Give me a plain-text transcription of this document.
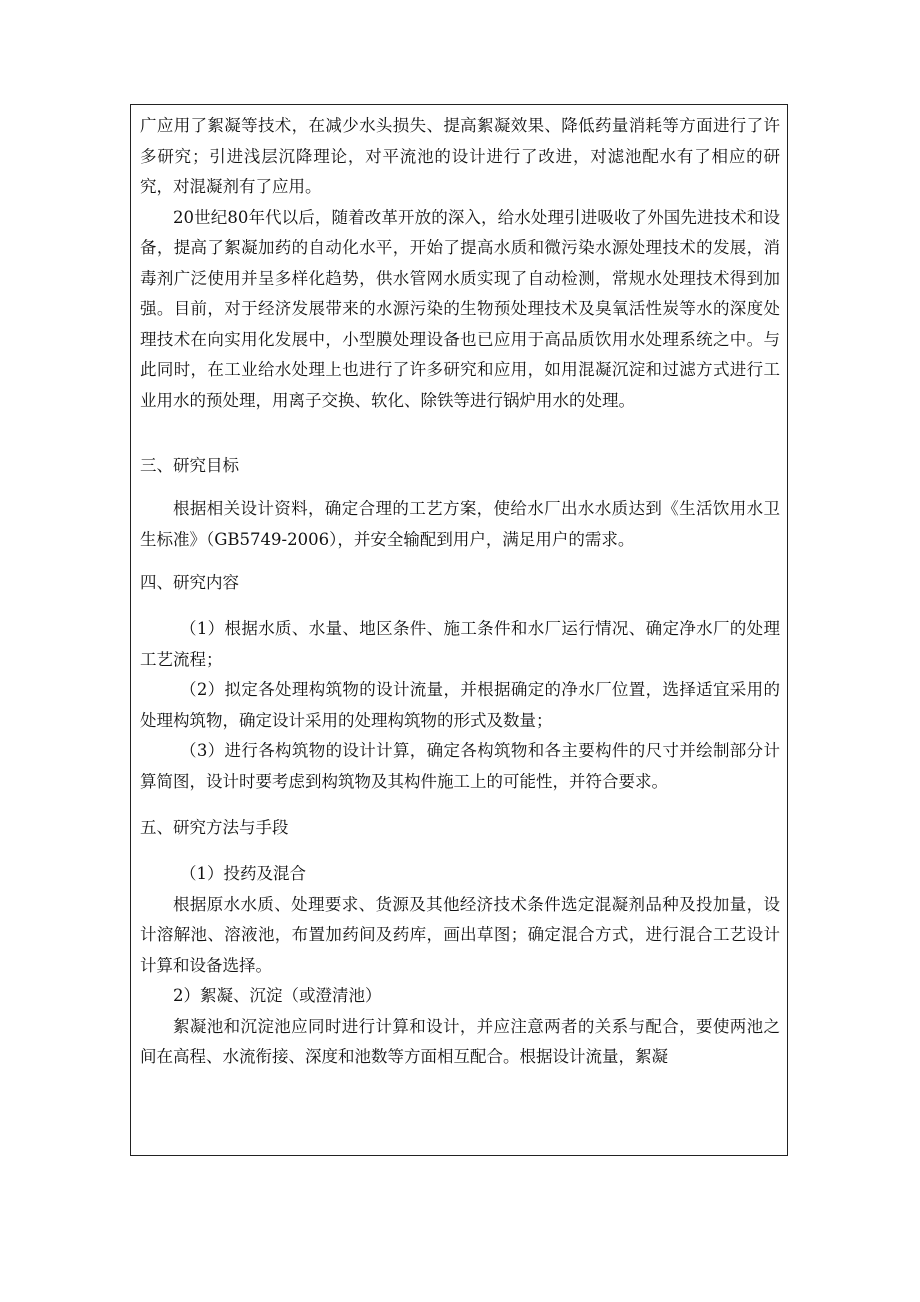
广应用了絮凝等技术，在减少水头损失、提高絮凝效果、降低药量消耗等方面进行了许多研究；引进浅层沉降理论，对平流池的设计进行了改进，对滤池配水有了相应的研究，对混凝剂有了应用。

20世纪80年代以后，随着改革开放的深入，给水处理引进吸收了外国先进技术和设备，提高了絮凝加药的自动化水平，开始了提高水质和微污染水源处理技术的发展，消毒剂广泛使用并呈多样化趋势，供水管网水质实现了自动检测，常规水处理技术得到加强。目前，对于经济发展带来的水源污染的生物预处理技术及臭氧活性炭等水的深度处理技术在向实用化发展中，小型膜处理设备也已应用于高品质饮用水处理系统之中。与此同时，在工业给水处理上也进行了许多研究和应用，如用混凝沉淀和过滤方式进行工业用水的预处理，用离子交换、软化、除铁等进行锅炉用水的处理。

三、研究目标

根据相关设计资料，确定合理的工艺方案，使给水厂出水水质达到《生活饮用水卫生标准》（GB5749-2006），并安全输配到用户，满足用户的需求。

四、研究内容

（1）根据水质、水量、地区条件、施工条件和水厂运行情况、确定净水厂的处理工艺流程；

（2）拟定各处理构筑物的设计流量，并根据确定的净水厂位置，选择适宜采用的处理构筑物，确定设计采用的处理构筑物的形式及数量；

（3）进行各构筑物的设计计算，确定各构筑物和各主要构件的尺寸并绘制部分计算简图，设计时要考虑到构筑物及其构件施工上的可能性，并符合要求。

五、研究方法与手段

（1）投药及混合

根据原水水质、处理要求、货源及其他经济技术条件选定混凝剂品种及投加量，设计溶解池、溶液池，布置加药间及药库，画出草图；确定混合方式，进行混合工艺设计计算和设备选择。

2）絮凝、沉淀（或澄清池）

絮凝池和沉淀池应同时进行计算和设计，并应注意两者的关系与配合，要使两池之间在高程、水流衔接、深度和池数等方面相互配合。根据设计流量，絮凝
